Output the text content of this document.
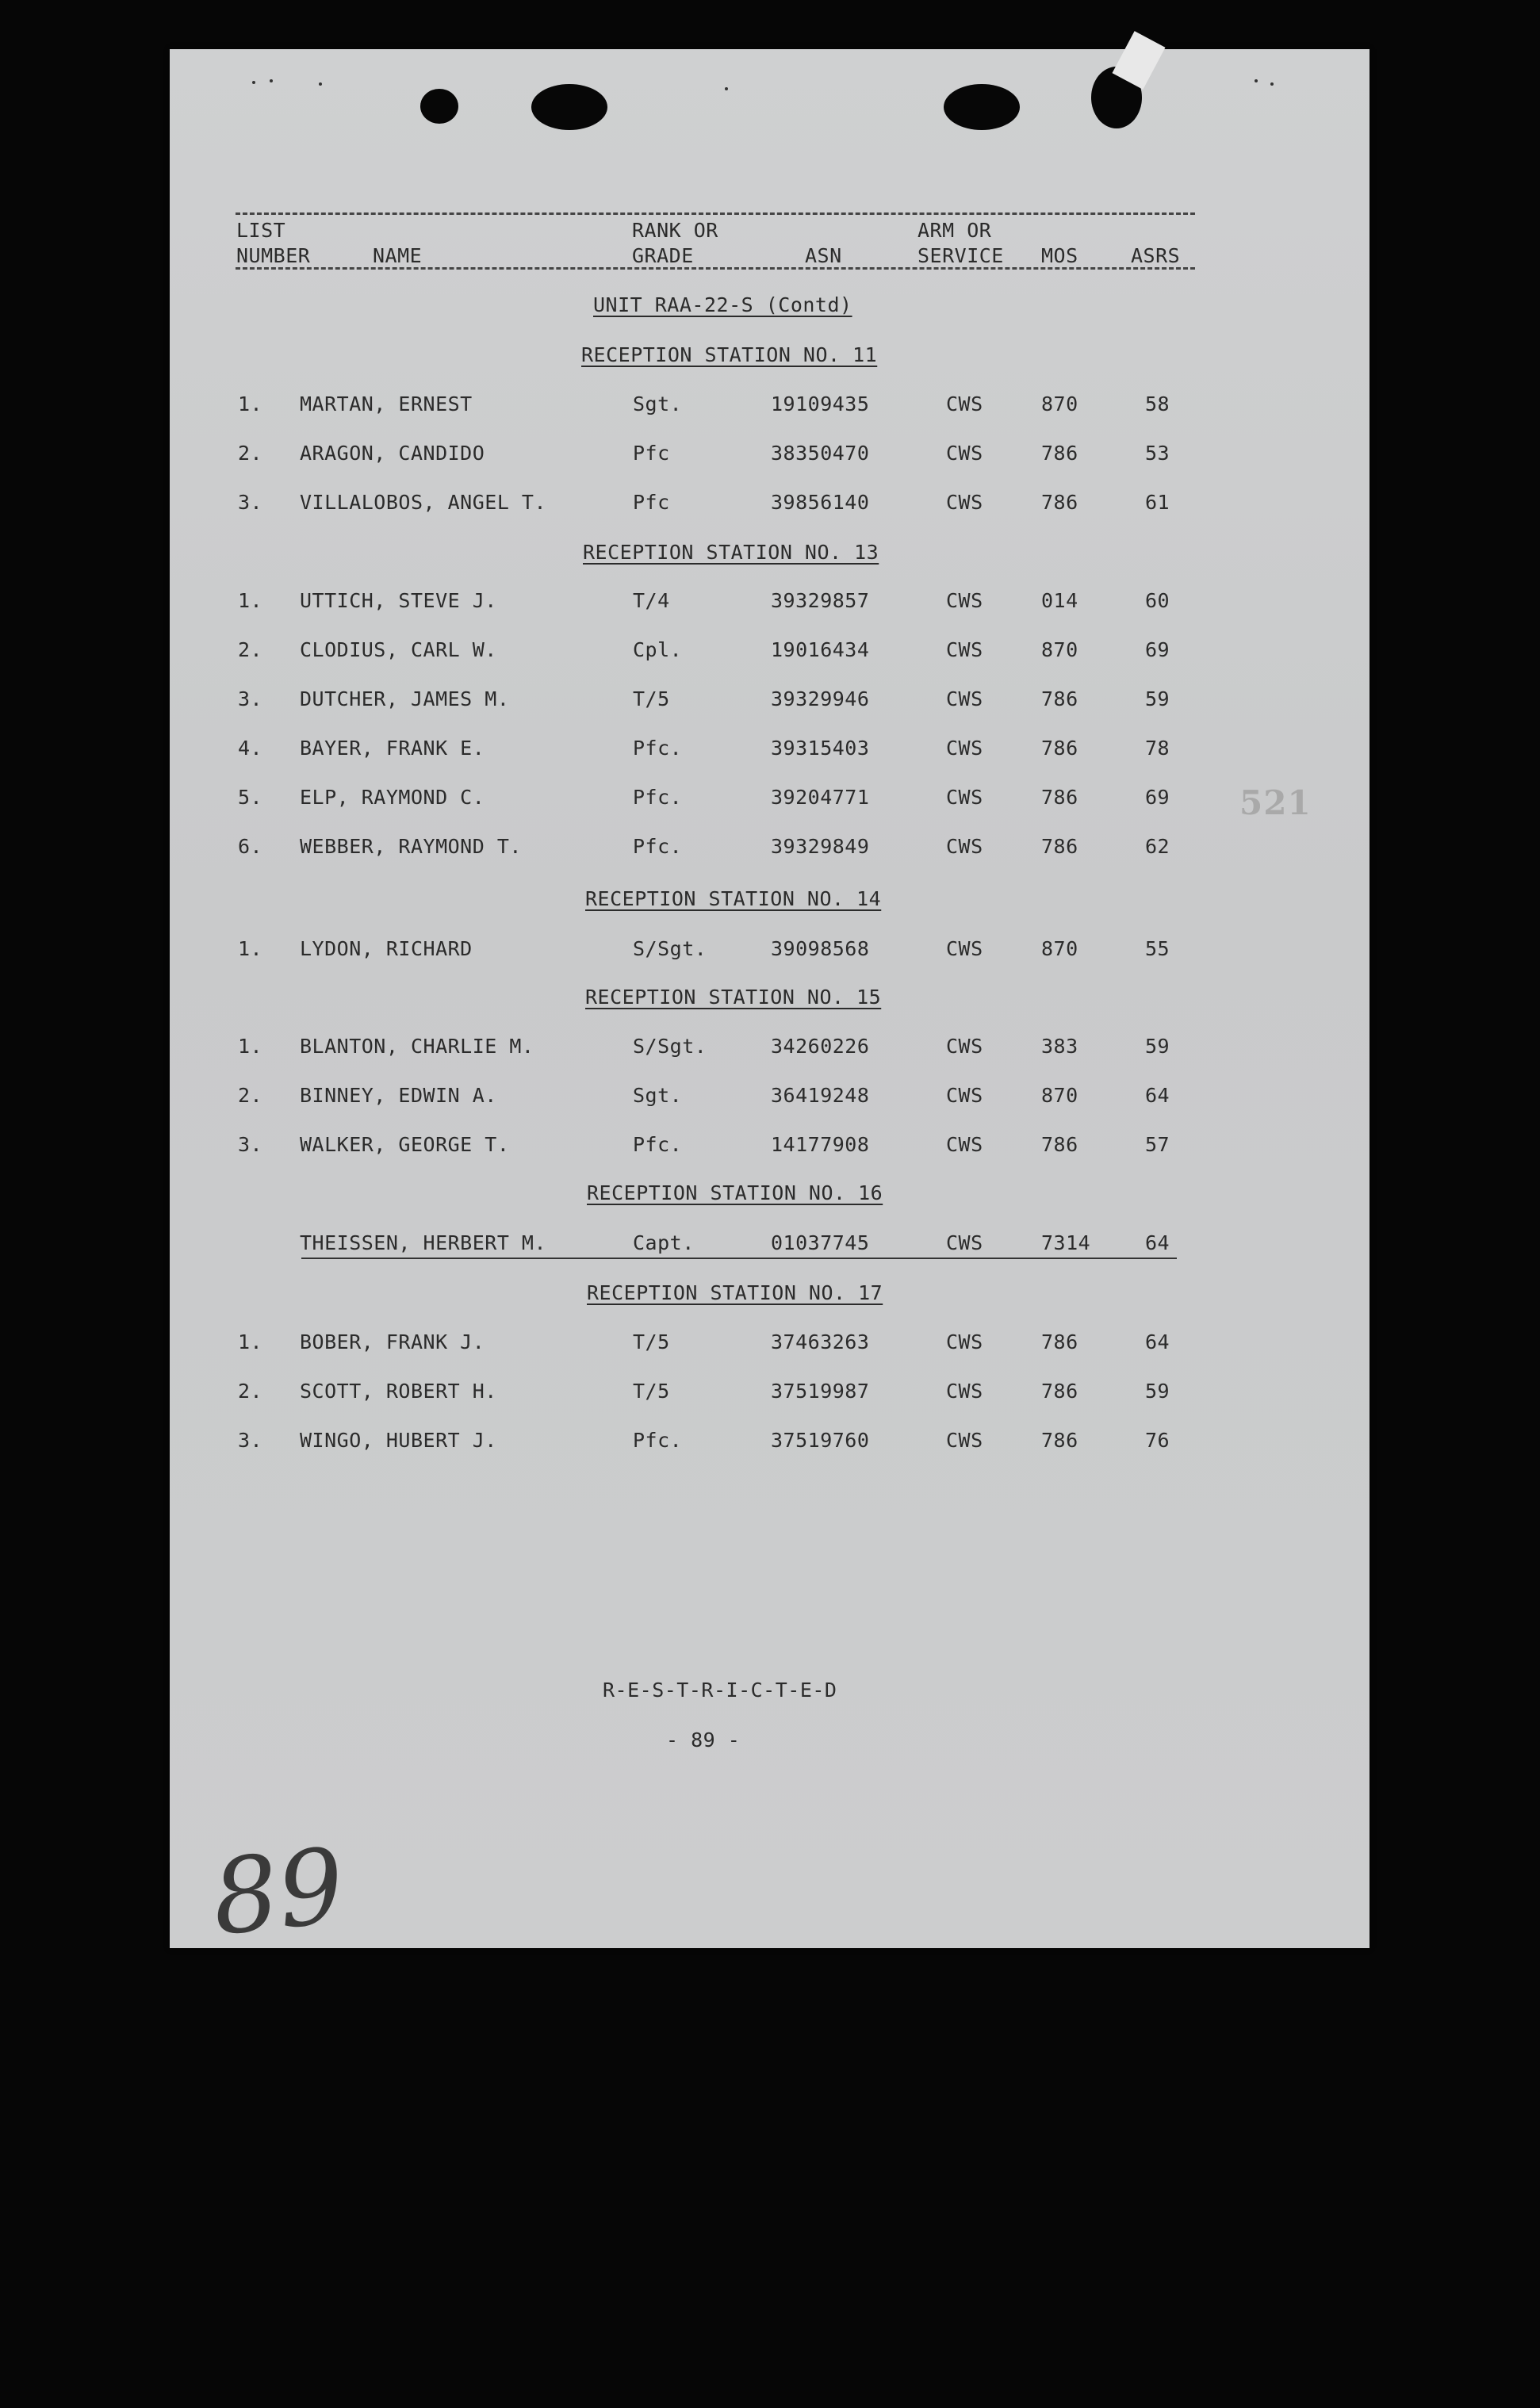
LIST
NUMBER	NAME
RANK OR
GRADE	ASN
ARM OR
SERVICE MOS	ASRS
UNIT RAA-22-S (Contd)
RECEPTION STATION NO. 11
1. MARTAN, ERNEST	Sgt.	19109435	CWS	870	58
2. ARAGON, CANDIDO	Pfc	38350470	CWS	786	53
3. VILLALOBOS, ANGEL T.	Pfc	39856140	CWS	786	61
RECEPTION STATION NO. 13
1. UTTICH, STEVE J.	T/4	39329857	CWS	014	60
2. CLODIUS, CARL W.	Cpl.	19016434	CWS	870	69
3. DUTCHER, JAMES M.	T/5	39329946	CWS	786	59
4. BAYER, FRANK E.	Pfc.	39315403	CWS	786	78
5. ELP, RAYMOND C.	Pfc.	39204771	CWS	786	69
6. WEBBER, RAYMOND T.	Pfc.	39329849	CWS	786	62
RECEPTION STATION NO. 14
1. LYDON, RICHARD	S/Sgt.	39098568	CWS	870	55
RECEPTION STATION NO. 15
1. BLANTON, CHARLIE M.	S/Sgt.	34260226	CWS	383	59
2. BINNEY, EDWIN A.	Sgt.	36419248	CWS	870	64
3. WALKER, GEORGE T.	Pfc.	14177908	CWS	786	57
RECEPTION STATION NO. 16
THEISSEN, HERBERT M.	Capt.	01037745	CWS	7314	64
RECEPTION STATION NO. 17
1. BOBER, FRANK J.	T/5	37463263	CWS	786	64
2. SCOTT, ROBERT H.	T/5	37519987	CWS	786	59
3. WINGO, HUBERT J.	Pfc.	37519760	CWS	786	76
R-E-S-T-R-I-C-T-E-D
- 89 -
521
89
